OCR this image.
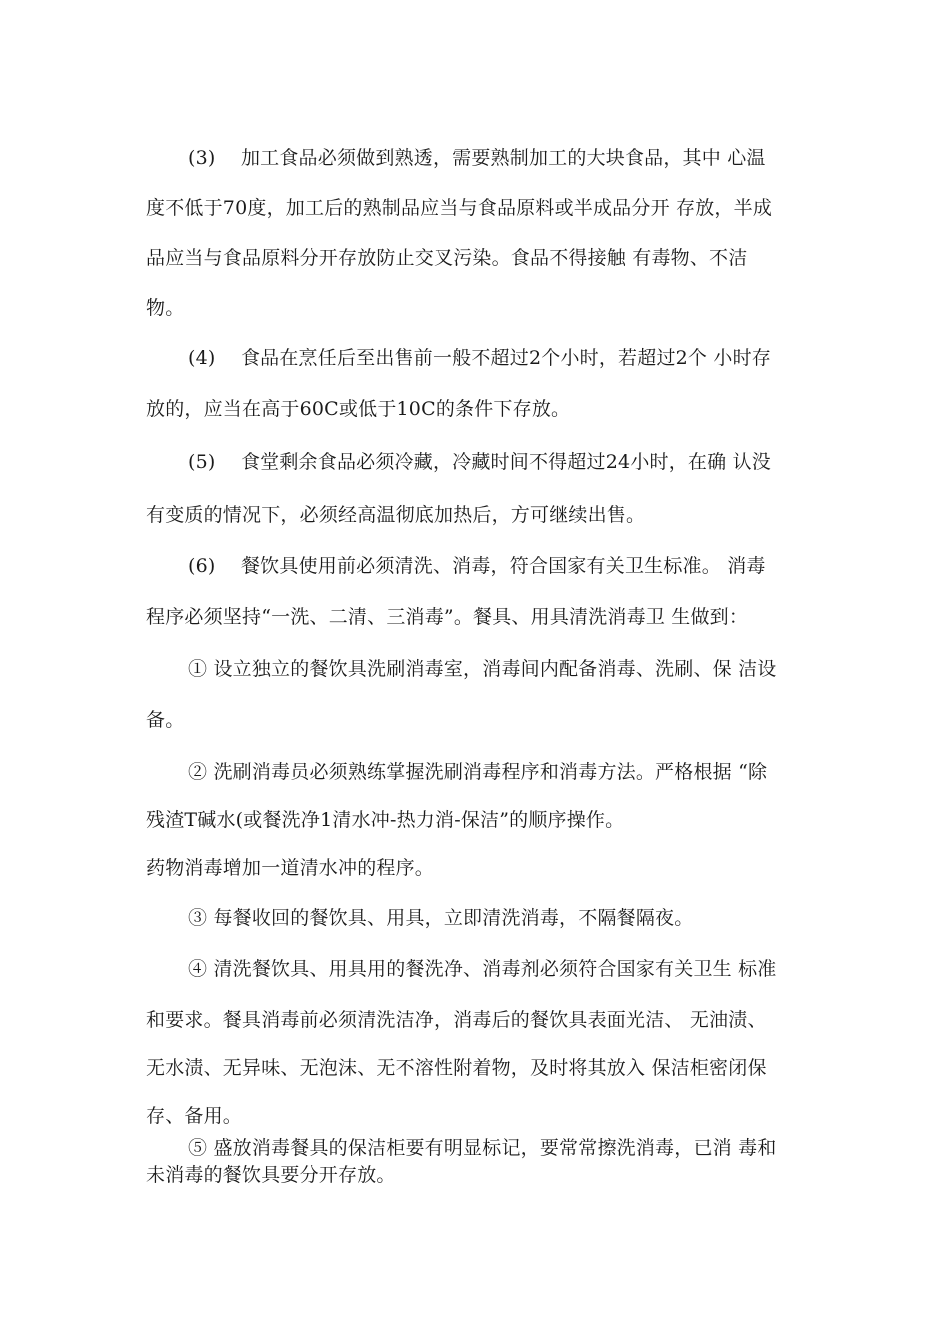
(3)　 加工食品必须做到熟透，需要熟制加工的大块食品，其中 心温
度不低于70度，加工后的熟制品应当与食品原料或半成品分开 存放，半成
品应当与食品原料分开存放防止交叉污染。食品不得接触 有毒物、不洁
物。
(4)　 食品在烹任后至出售前一般不超过2个小时，若超过2个 小时存
放的，应当在高于60C或低于10C的条件下存放。
(5)　 食堂剩余食品必须冷藏，冷藏时间不得超过24小时，在确 认没
有变质的情况下，必须经高温彻底加热后，方可继续出售。
(6)　 餐饮具使用前必须清洗、消毒，符合国家有关卫生标准。 消毒
程序必须坚持“一洗、二清、三消毒”。餐具、用具清洗消毒卫 生做到：
① 设立独立的餐饮具洗刷消毒室，消毒间内配备消毒、洗刷、保 洁设
备。
② 洗刷消毒员必须熟练掌握洗刷消毒程序和消毒方法。严格根据 “除
残渣T碱水(或餐洗净1清水冲-热力消-保洁”的顺序操作。
药物消毒增加一道清水冲的程序。
③ 每餐收回的餐饮具、用具，立即清洗消毒，不隔餐隔夜。
④ 清洗餐饮具、用具用的餐洗净、消毒剂必须符合国家有关卫生 标准
和要求。餐具消毒前必须清洗洁净，消毒后的餐饮具表面光洁、 无油渍、
无水渍、无异味、无泡沫、无不溶性附着物，及时将其放入 保洁柜密闭保
存、备用。
⑤ 盛放消毒餐具的保洁柜要有明显标记，要常常擦洗消毒，已消 毒和
未消毒的餐饮具要分开存放。
